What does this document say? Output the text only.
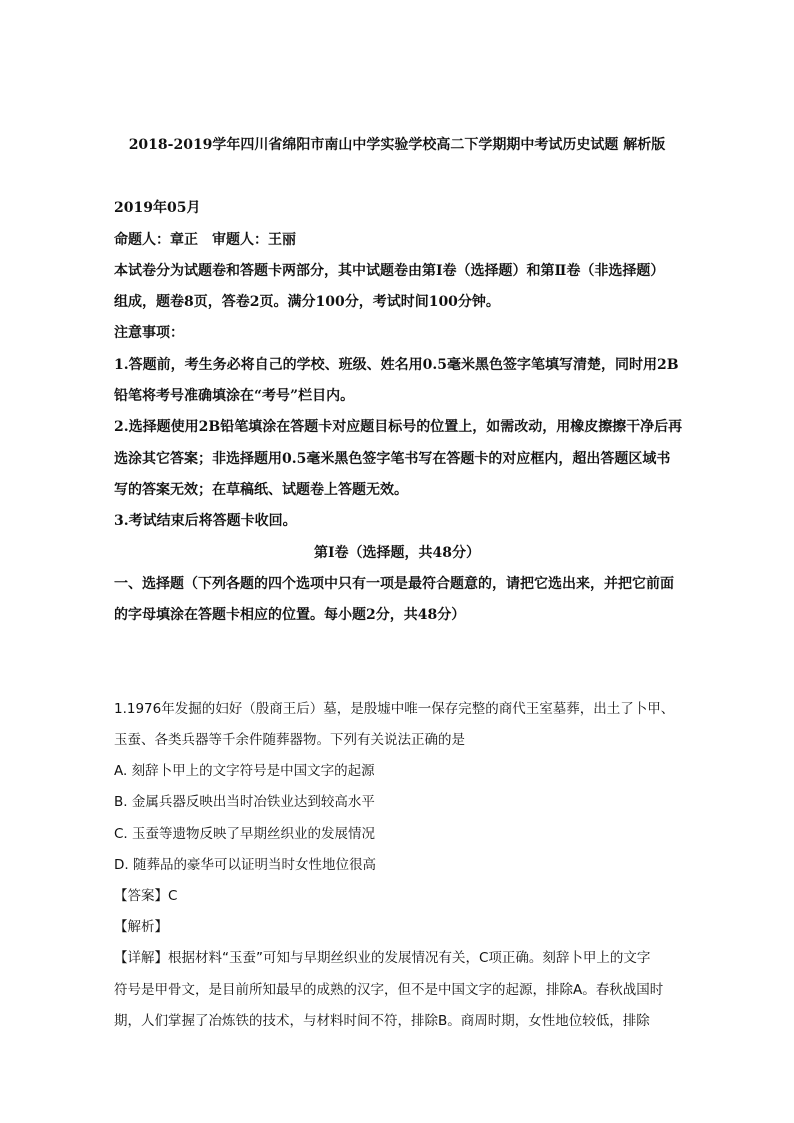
2018-2019学年四川省绵阳市南山中学实验学校高二下学期期中考试历史试题 解析版
2019年05月
命题人：章正　审题人：王丽
本试卷分为试题卷和答题卡两部分，其中试题卷由第Ⅰ卷（选择题）和第Ⅱ卷（非选择题）
组成，题卷8页，答卷2页。满分100分，考试时间100分钟。
注意事项：
1.答题前，考生务必将自己的学校、班级、姓名用0.5毫米黑色签字笔填写清楚，同时用2B
铅笔将考号准确填涂在“考号”栏目内。
2.选择题使用2B铅笔填涂在答题卡对应题目标号的位置上，如需改动，用橡皮擦擦干净后再
选涂其它答案；非选择题用0.5毫米黑色签字笔书写在答题卡的对应框内，超出答题区域书
写的答案无效；在草稿纸、试题卷上答题无效。
3.考试结束后将答题卡收回。
第Ⅰ卷（选择题，共48分）
一、选择题（下列各题的四个选项中只有一项是最符合题意的，请把它选出来，并把它前面
的字母填涂在答题卡相应的位置。每小题2分，共48分）
1.1976年发掘的妇好（殷商王后）墓，是殷墟中唯一保存完整的商代王室墓葬，出土了卜甲、
玉蚕、各类兵器等千余件随葬器物。下列有关说法正确的是
A. 刻辞卜甲上的文字符号是中国文字的起源
B. 金属兵器反映出当时冶铁业达到较高水平
C. 玉蚕等遗物反映了早期丝织业的发展情况
D. 随葬品的豪华可以证明当时女性地位很高
【答案】C
【解析】
【详解】根据材料“玉蚕”可知与早期丝织业的发展情况有关，C项正确。刻辞卜甲上的文字
符号是甲骨文，是目前所知最早的成熟的汉字，但不是中国文字的起源，排除A。春秋战国时
期，人们掌握了冶炼铁的技术，与材料时间不符，排除B。商周时期，女性地位较低，排除
